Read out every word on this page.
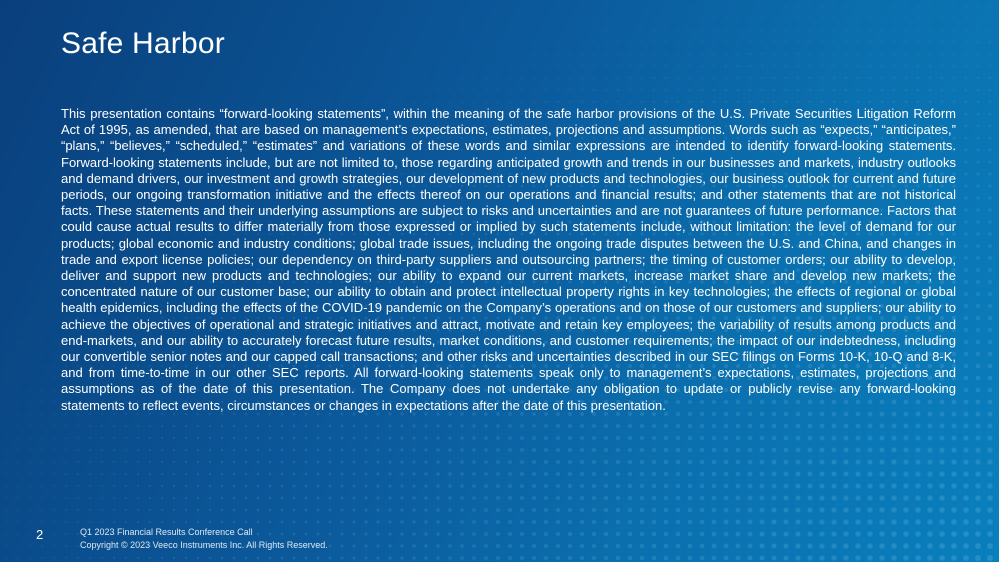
Safe Harbor

This presentation contains “forward-looking statements”, within the meaning of the safe harbor provisions of the U.S. Private Securities Litigation Reform Act of 1995, as amended, that are based on management’s expectations, estimates, projections and assumptions. Words such as “expects,” “anticipates,” “plans,” “believes,” “scheduled,” “estimates” and variations of these words and similar expressions are intended to identify forward-looking statements. Forward-looking statements include, but are not limited to, those regarding anticipated growth and trends in our businesses and markets, industry outlooks and demand drivers, our investment and growth strategies, our development of new products and technologies, our business outlook for current and future periods, our ongoing transformation initiative and the effects thereof on our operations and financial results; and other statements that are not historical facts. These statements and their underlying assumptions are subject to risks and uncertainties and are not guarantees of future performance. Factors that could cause actual results to differ materially from those expressed or implied by such statements include, without limitation: the level of demand for our products; global economic and industry conditions; global trade issues, including the ongoing trade disputes between the U.S. and China, and changes in trade and export license policies; our dependency on third-party suppliers and outsourcing partners; the timing of customer orders; our ability to develop, deliver and support new products and technologies; our ability to expand our current markets, increase market share and develop new markets; the concentrated nature of our customer base; our ability to obtain and protect intellectual property rights in key technologies; the effects of regional or global health epidemics, including the effects of the COVID-19 pandemic on the Company’s operations and on those of our customers and suppliers; our ability to achieve the objectives of operational and strategic initiatives and attract, motivate and retain key employees; the variability of results among products and end-markets, and our ability to accurately forecast future results, market conditions, and customer requirements; the impact of our indebtedness, including our convertible senior notes and our capped call transactions; and other risks and uncertainties described in our SEC filings on Forms 10-K, 10-Q and 8-K, and from time-to-time in our other SEC reports. All forward-looking statements speak only to management’s expectations, estimates, projections and assumptions as of the date of this presentation. The Company does not undertake any obligation to update or publicly revise any forward-looking statements to reflect events, circumstances or changes in expectations after the date of this presentation.

2	Q1 2023 Financial Results Conference Call
Copyright © 2023 Veeco Instruments Inc. All Rights Reserved.
